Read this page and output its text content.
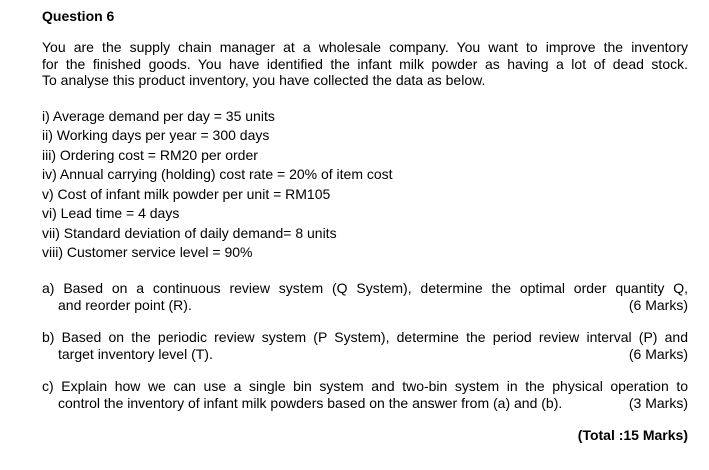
Question 6
You are the supply chain manager at a wholesale company. You want to improve the inventory
for the finished goods. You have identified the infant milk powder as having a lot of dead stock.
To analyse this product inventory, you have collected the data as below.
i) Average demand per day = 35 units
ii) Working days per year = 300 days
iii) Ordering cost = RM20 per order
iv) Annual carrying (holding) cost rate = 20% of item cost
v) Cost of infant milk powder per unit = RM105
vi) Lead time = 4 days
vii) Standard deviation of daily demand= 8 units
viii) Customer service level = 90%
a) Based on a continuous review system (Q System), determine the optimal order quantity Q,
and reorder point (R).	(6 Marks)
b) Based on the periodic review system (P System), determine the period review interval (P) and
target inventory level (T).	(6 Marks)
c) Explain how we can use a single bin system and two-bin system in the physical operation to
control the inventory of infant milk powders based on the answer from (a) and (b).	(3 Marks)
(Total :15 Marks)
